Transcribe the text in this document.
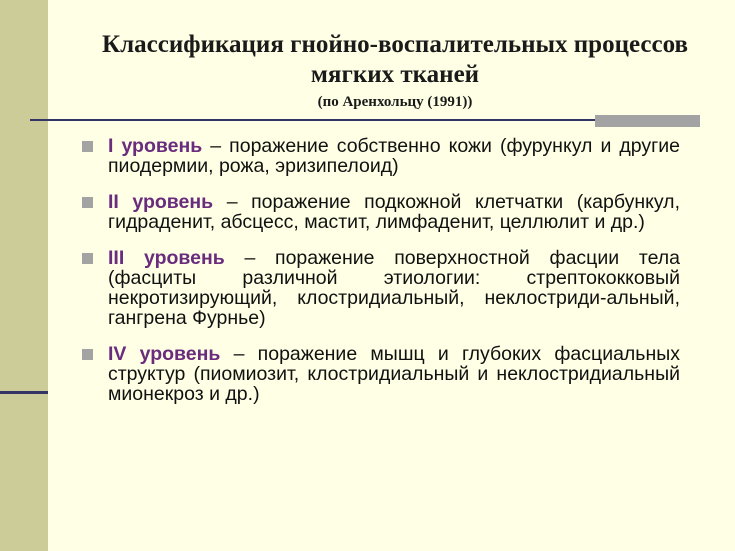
Классификация гнойно-воспалительных процессов мягких тканей
(по Аренхольцу (1991))
I уровень – поражение собственно кожи (фурункул и другие пиодермии, рожа, эризипелоид)
II уровень – поражение подкожной клетчатки (карбункул, гидраденит, абсцесс, мастит, лимфаденит, целлюлит и др.)
III уровень – поражение поверхностной фасции тела (фасциты различной этиологии: стрептококковый некротизирующий, клостридиальный, неклостриди-альный, гангрена Фурнье)
IV уровень – поражение мышц и глубоких фасциальных структур (пиомиозит, клостридиальный и неклостридиальный мионекроз и др.)
